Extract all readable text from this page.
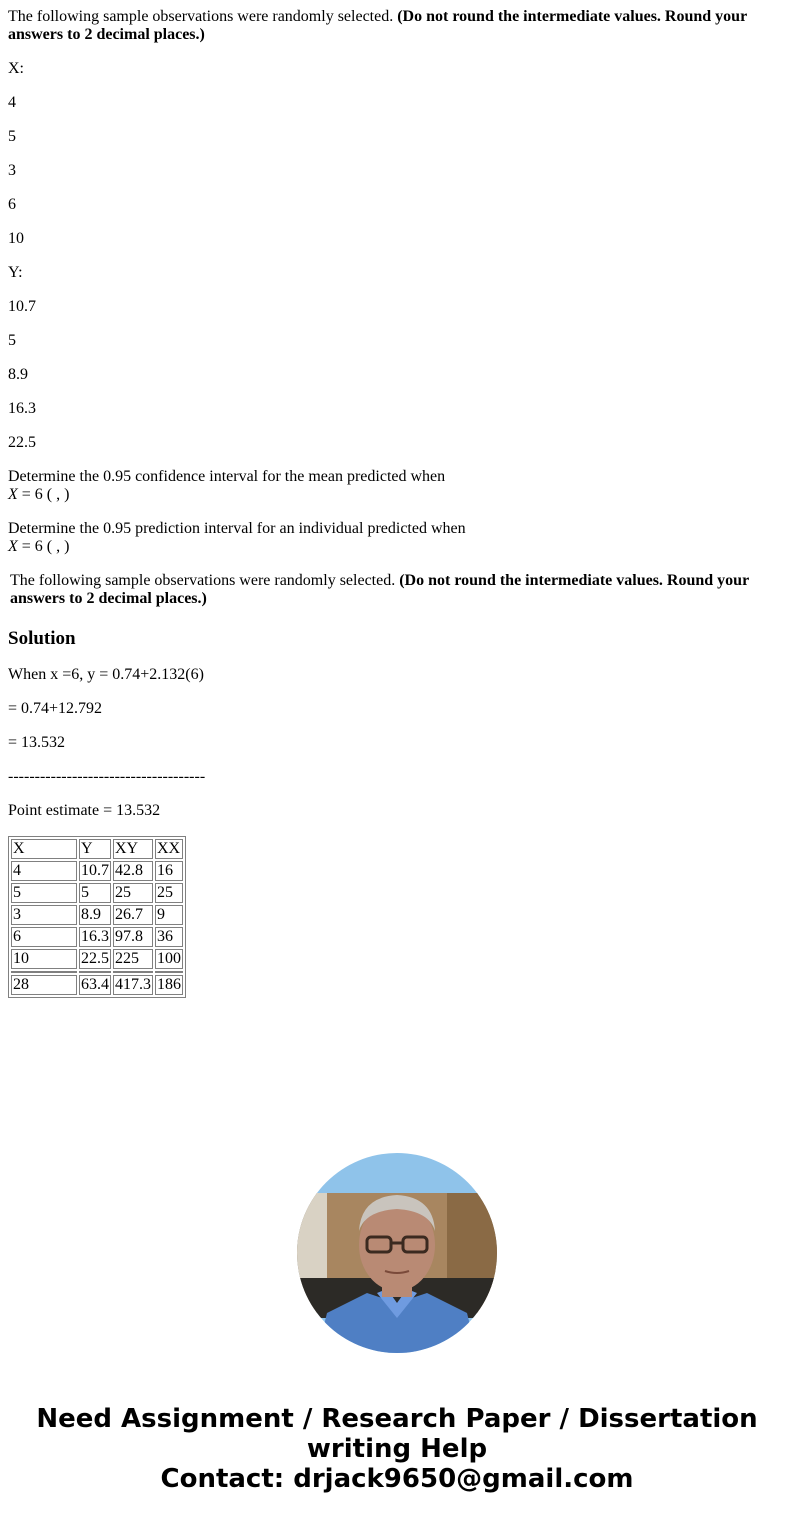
The following sample observations were randomly selected. (Do not round the intermediate values. Round your answers to 2 decimal places.)

X:

4

5

3

6

10

Y:

10.7

5

8.9

16.3

22.5

Determine the 0.95 confidence interval for the mean predicted when
X = 6 ( , )

Determine the 0.95 prediction interval for an individual predicted when
X = 6 ( , )

The following sample observations were randomly selected. (Do not round the intermediate values. Round your answers to 2 decimal places.)

Solution

When x =6, y = 0.74+2.132(6)

= 0.74+12.792

= 13.532

-------------------------------------

Point estimate = 13.532

X	Y	XY	XX
4	10.7	42.8	16
5	5	25	25
3	8.9	26.7	9
6	16.3	97.8	36
10	22.5	225	100

28	63.4	417.3	186
Need Assignment / Research Paper / Dissertation
writing Help
Contact: drjack9650@gmail.com
